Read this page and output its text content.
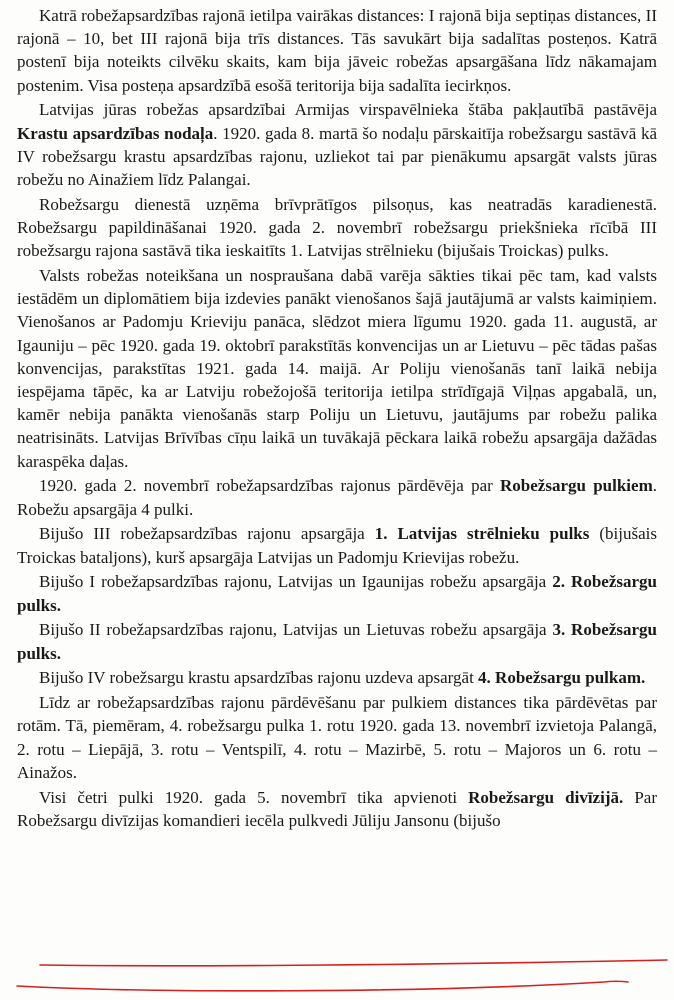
Katrā robežapsardzības rajonā ietilpa vairākas distances: I rajonā bija septiņas distances, II rajonā – 10, bet III rajonā bija trīs distances. Tās savukārt bija sadalītas posteņos. Katrā postenī bija noteikts cilvēku skaits, kam bija jāveic robežas apsargāšana līdz nākamajam postenim. Visa posteņa apsardzībā esošā teritorija bija sadalīta iecirkņos.

Latvijas jūras robežas apsardzībai Armijas virspavēlnieka štāba pakļautībā pastāvēja Krastu apsardzības nodaļa. 1920. gada 8. martā šo nodaļu pārskaitīja robežsargu sastāvā kā IV robežsargu krastu apsardzības rajonu, uzliekot tai par pienākumu apsargāt valsts jūras robežu no Ainažiem līdz Palangai.

Robežsargu dienestā uzņēma brīvprātīgos pilsoņus, kas neatradās karadienestā. Robežsargu papildināšanai 1920. gada 2. novembrī robežsargu priekšnieka rīcībā III robežsargu rajona sastāvā tika ieskaitīts 1. Latvijas strēlnieku (bijušais Troickas) pulks.

Valsts robežas noteikšana un nospraušana dabā varēja sākties tikai pēc tam, kad valsts iestādēm un diplomātiem bija izdevies panākt vienošanos šajā jautājumā ar valsts kaimiņiem. Vienošanos ar Padomju Krieviju panāca, slēdzot miera līgumu 1920. gada 11. augustā, ar Igauniju – pēc 1920. gada 19. oktobrī parakstītās konvencijas un ar Lietuvu – pēc tādas pašas konvencijas, parakstītas 1921. gada 14. maijā. Ar Poliju vienošanās tanī laikā nebija iespējama tāpēc, ka ar Latviju robežojošā teritorija ietilpa strīdīgajā Viļņas apgabalā, un, kamēr nebija panākta vienošanās starp Poliju un Lietuvu, jautājums par robežu palika neatrisināts. Latvijas Brīvības cīņu laikā un tuvākajā pēckara laikā robežu apsargāja dažādas karaspēka daļas.

1920. gada 2. novembrī robežapsardzības rajonus pārdēvēja par Robežsargu pulkiem. Robežu apsargāja 4 pulki.

Bijušo III robežapsardzības rajonu apsargāja 1. Latvijas strēlnieku pulks (bijušais Troickas bataljons), kurš apsargāja Latvijas un Padomju Krievijas robežu.

Bijušo I robežapsardzības rajonu, Latvijas un Igaunijas robežu apsargāja 2. Robežsargu pulks.

Bijušo II robežapsardzības rajonu, Latvijas un Lietuvas robežu apsargāja 3. Robežsargu pulks.

Bijušo IV robežsargu krastu apsardzības rajonu uzdeva apsargāt 4. Robežsargu pulkam.

Līdz ar robežapsardzības rajonu pārdēvēšanu par pulkiem distances tika pārdēvētas par rotām. Tā, piemēram, 4. robežsargu pulka 1. rotu 1920. gada 13. novembrī izvietoja Palangā, 2. rotu – Liepājā, 3. rotu – Ventspilī, 4. rotu – Mazirbē, 5. rotu – Majoros un 6. rotu – Ainažos.

Visi četri pulki 1920. gada 5. novembrī tika apvienoti Robežsargu divīzijā. Par Robežsargu divīzijas komandieri iecēla pulkvedi Jūliju Jansonu (bijušo
